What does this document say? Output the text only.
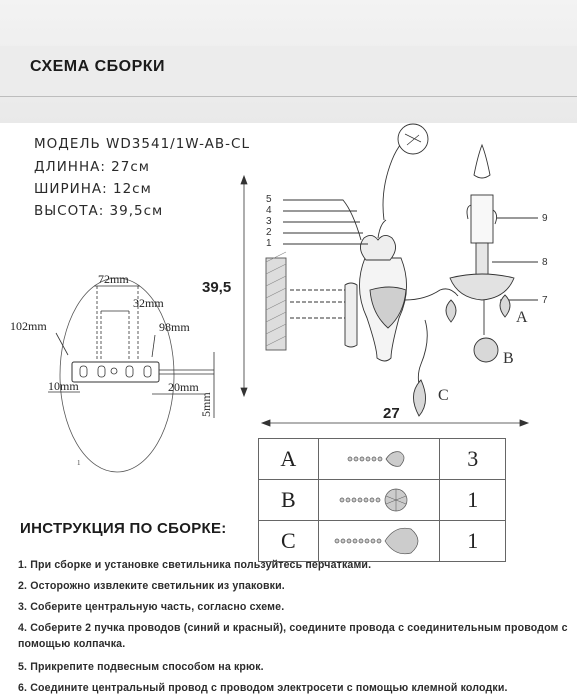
СХЕМА СБОРКИ
МОДЕЛЬ WD3541/1W-AB-CL
ДЛИННА: 27см
ШИРИНА: 12см
ВЫСОТА: 39,5см
72mm
32mm
102mm	98mm
10mm	20mm
5mm
1
39,5
27
5
4
3
2
1
9
8
7
A
B
C
A		3
B		1
C		1
ИНСТРУКЦИЯ ПО СБОРКЕ:
1. При сборке и установке светильника пользуйтесь перчатками.
2. Осторожно извлеките светильник из упаковки.
3. Соберите центральную часть, согласно схеме.
4. Соберите 2 пучка проводов (синий и красный), соедините провода с соединительным проводом с помощью колпачка.
5. Прикрепите подвесным способом на крюк.
6. Соедините центральный провод с проводом электросети с помощью клемной колодки.
